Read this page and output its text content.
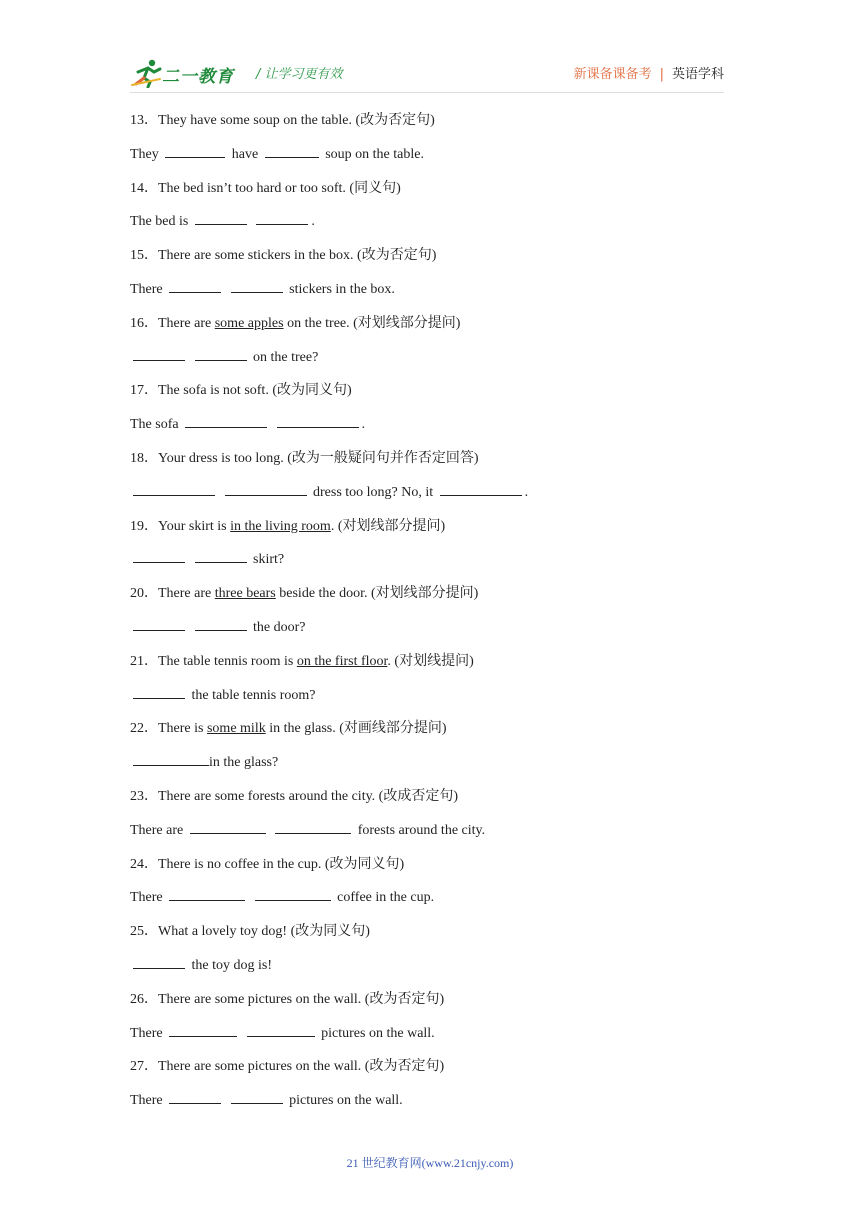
二一教育 / 让学习更有效	新课备课备考 | 英语学科
13．They have some soup on the table. (改为否定句)
They	have	soup on the table.
14．The bed isn’t too hard or too soft. (同义句)
The bed is	.
15．There are some stickers in the box. (改为否定句)
There	stickers in the box.
16．There are some apples on the tree. (对划线部分提问)
on the tree?
17．The sofa is not soft. (改为同义句)
The sofa	.
18．Your dress is too long. (改为一般疑问句并作否定回答)
dress too long? No, it	.
19．Your skirt is in the living room. (对划线部分提问)
skirt?
20．There are three bears beside the door. (对划线部分提问)
the door?
21．The table tennis room is on the first floor. (对划线提问)
the table tennis room?
22．There is some milk in the glass. (对画线部分提问)
in the glass?
23．There are some forests around the city. (改成否定句)
There are	forests around the city.
24．There is no coffee in the cup. (改为同义句)
There	coffee in the cup.
25．What a lovely toy dog! (改为同义句)
the toy dog is!
26．There are some pictures on the wall. (改为否定句)
There	pictures on the wall.
27．There are some pictures on the wall. (改为否定句)
There	pictures on the wall.
21 世纪教育网(www.21cnjy.com)
